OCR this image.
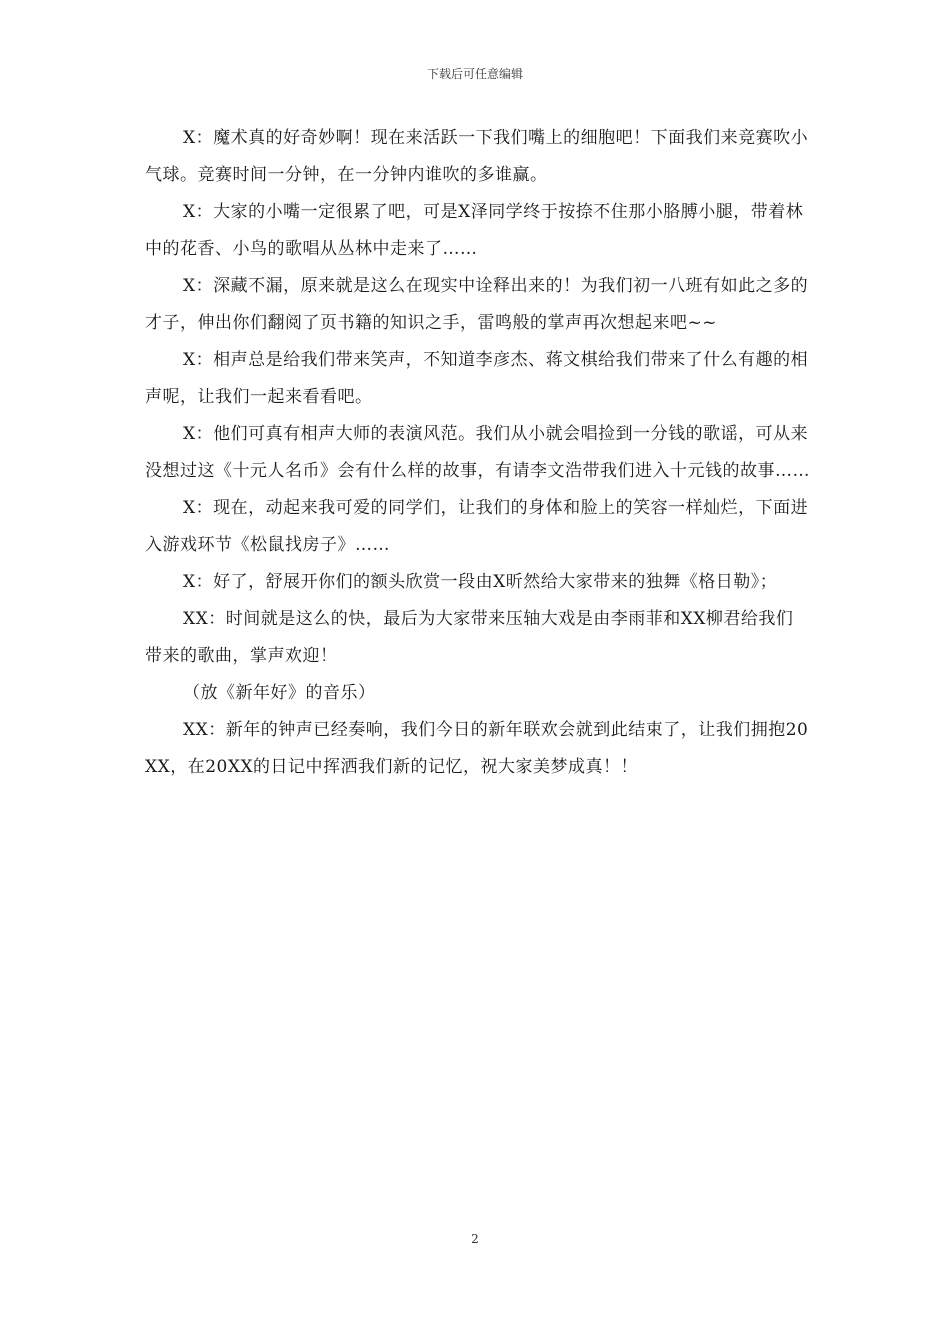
下载后可任意编辑

X：魔术真的好奇妙啊！现在来活跃一下我们嘴上的细胞吧！下面我们来竞赛吹小气球。竞赛时间一分钟，在一分钟内谁吹的多谁赢。

X：大家的小嘴一定很累了吧，可是X泽同学终于按捺不住那小胳膊小腿，带着林中的花香、小鸟的歌唱从丛林中走来了……

X：深藏不漏，原来就是这么在现实中诠释出来的！为我们初一八班有如此之多的才子，伸出你们翻阅了页书籍的知识之手，雷鸣般的掌声再次想起来吧~~

X：相声总是给我们带来笑声，不知道李彦杰、蒋文棋给我们带来了什么有趣的相声呢，让我们一起来看看吧。

X：他们可真有相声大师的表演风范。我们从小就会唱捡到一分钱的歌谣，可从来没想过这《十元人名币》会有什么样的故事，有请李文浩带我们进入十元钱的故事……

X：现在，动起来我可爱的同学们，让我们的身体和脸上的笑容一样灿烂，下面进入游戏环节《松鼠找房子》……

X：好了，舒展开你们的额头欣赏一段由X昕然给大家带来的独舞《格日勒》；

XX：时间就是这么的快，最后为大家带来压轴大戏是由李雨菲和XX柳君给我们带来的歌曲，掌声欢迎！

（放《新年好》的音乐）

XX：新年的钟声已经奏响，我们今日的新年联欢会就到此结束了，让我们拥抱20XX，在20XX的日记中挥洒我们新的记忆，祝大家美梦成真！！

2
